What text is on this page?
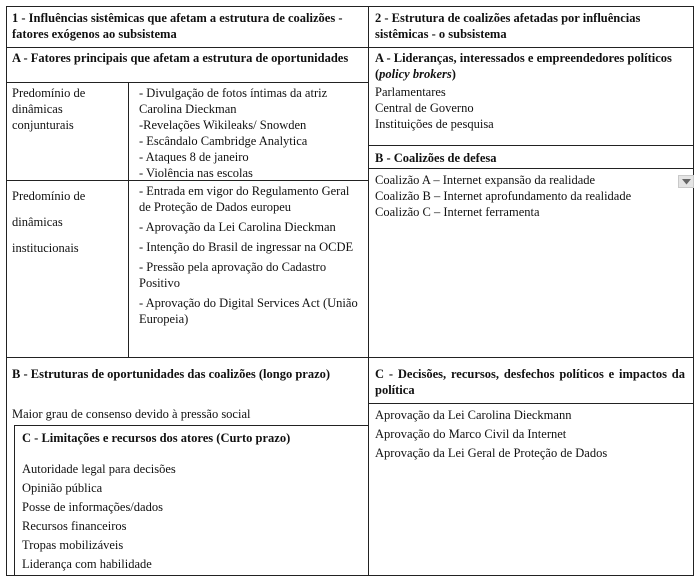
1 - Influências sistêmicas que afetam a estrutura de coalizões - fatores exógenos ao subsistema
A - Fatores principais que afetam a estrutura de oportunidades
Predomínio de
dinâmicas
conjunturais
- Divulgação de fotos íntimas da atriz Carolina Dieckman
-Revelações Wikileaks/ Snowden
- Escândalo Cambridge Analytica
- Ataques 8 de janeiro
- Violência nas escolas
Predomínio de
dinâmicas
institucionais
- Entrada em vigor do Regulamento Geral de Proteção de Dados europeu
- Aprovação da Lei Carolina Dieckman
- Intenção do Brasil de ingressar na OCDE
- Pressão pela aprovação do Cadastro Positivo
- Aprovação do Digital Services Act (União Europeia)
B - Estruturas de oportunidades das coalizões (longo prazo)
Maior grau de consenso devido à pressão social
C - Limitações e recursos dos atores (Curto prazo)
Autoridade legal para decisões
Opinião pública
Posse de informações/dados
Recursos financeiros
Tropas mobilizáveis
Liderança com habilidade
2 - Estrutura de coalizões afetadas por influências sistêmicas - o subsistema
A - Lideranças, interessados e empreendedores políticos (policy brokers)
Parlamentares
Central de Governo
Instituições de pesquisa
B - Coalizões de defesa
Coalizão A – Internet expansão da realidade
Coalizão B – Internet aprofundamento da realidade
Coalizão C – Internet ferramenta
C - Decisões, recursos, desfechos políticos e impactos da política
Aprovação da Lei Carolina Dieckmann
Aprovação do Marco Civil da Internet
Aprovação da Lei Geral de Proteção de Dados
